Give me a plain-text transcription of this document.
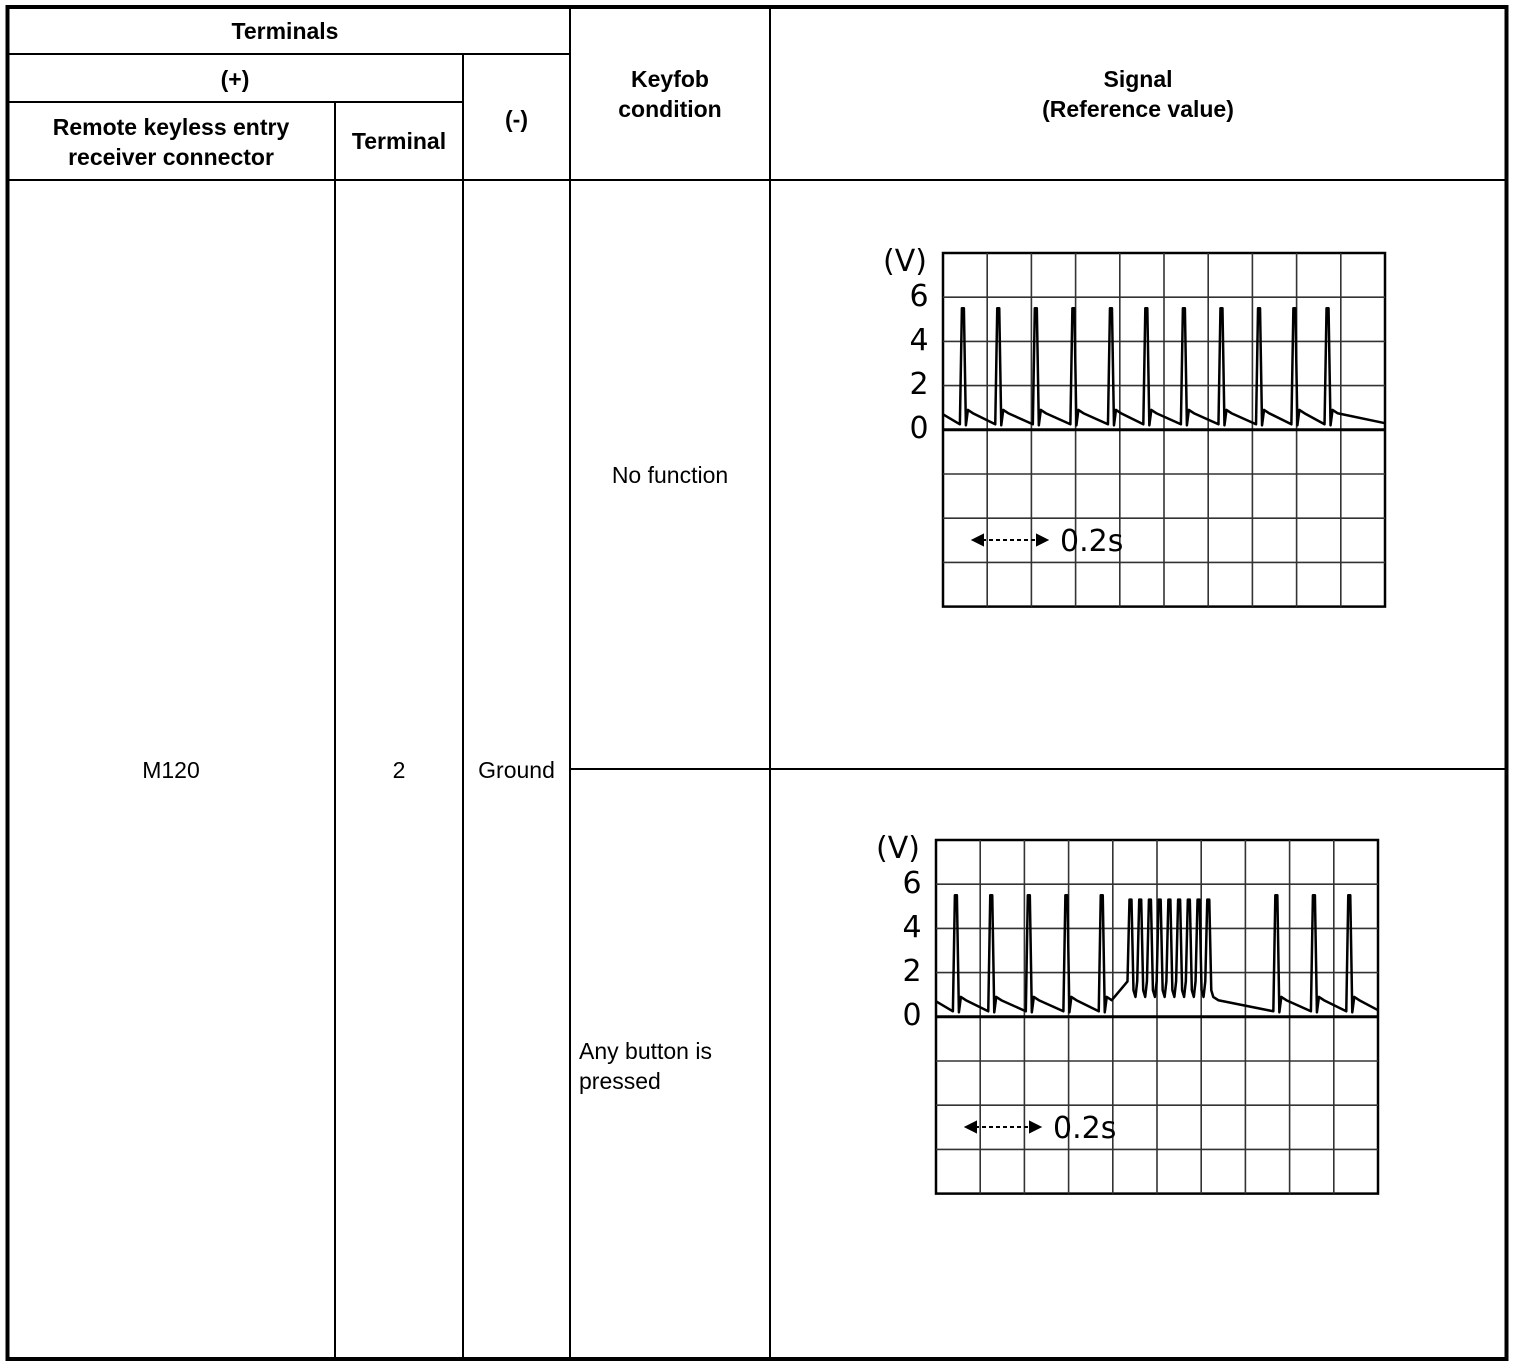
Terminals
(+)
(-)
Remote keyless entry
receiver connector
Terminal
Keyfob
condition
Signal
(Reference value)
M120	2	Ground
No function
Any button is
pressed
(V)
6
4
2
0
0.2s
(V)
6
4
2
0
0.2s
